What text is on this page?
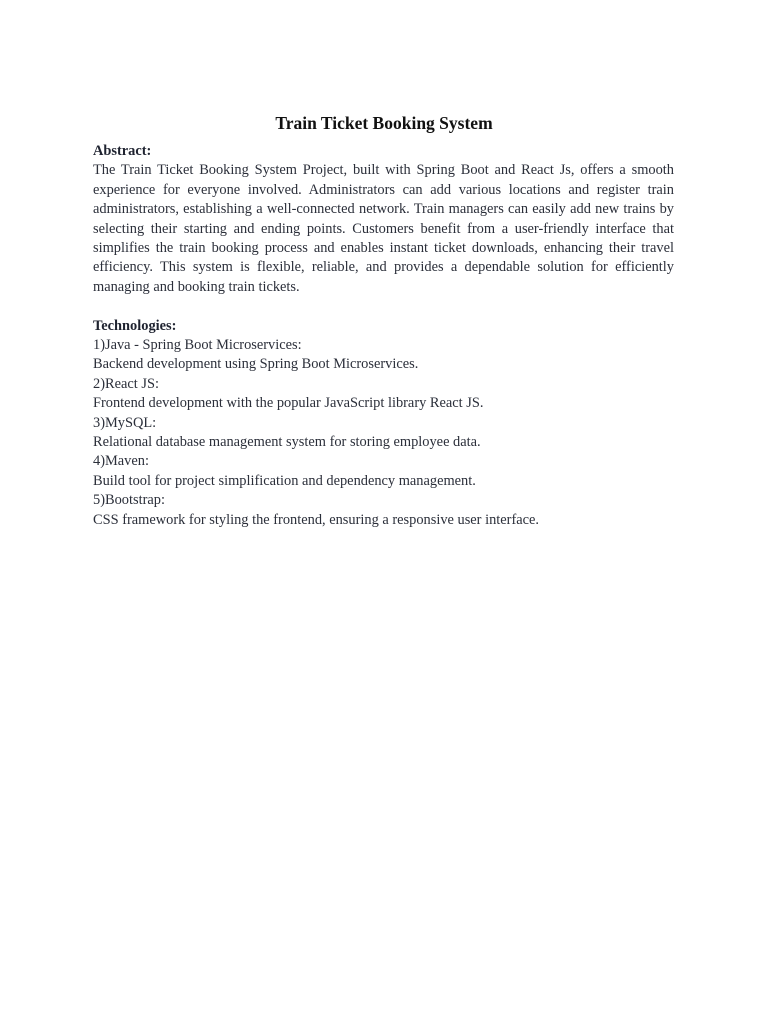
Train Ticket Booking System

Abstract:

The Train Ticket Booking System Project, built with Spring Boot and React Js, offers a smooth experience for everyone involved. Administrators can add various locations and register train administrators, establishing a well-connected network. Train managers can easily add new trains by selecting their starting and ending points. Customers benefit from a user-friendly interface that simplifies the train booking process and enables instant ticket downloads, enhancing their travel efficiency. This system is flexible, reliable, and provides a dependable solution for efficiently managing and booking train tickets.

Technologies:

1)Java - Spring Boot Microservices:
Backend development using Spring Boot Microservices.
2)React JS:
Frontend development with the popular JavaScript library React JS.
3)MySQL:
Relational database management system for storing employee data.
4)Maven:
Build tool for project simplification and dependency management.
5)Bootstrap:
CSS framework for styling the frontend, ensuring a responsive user interface.
